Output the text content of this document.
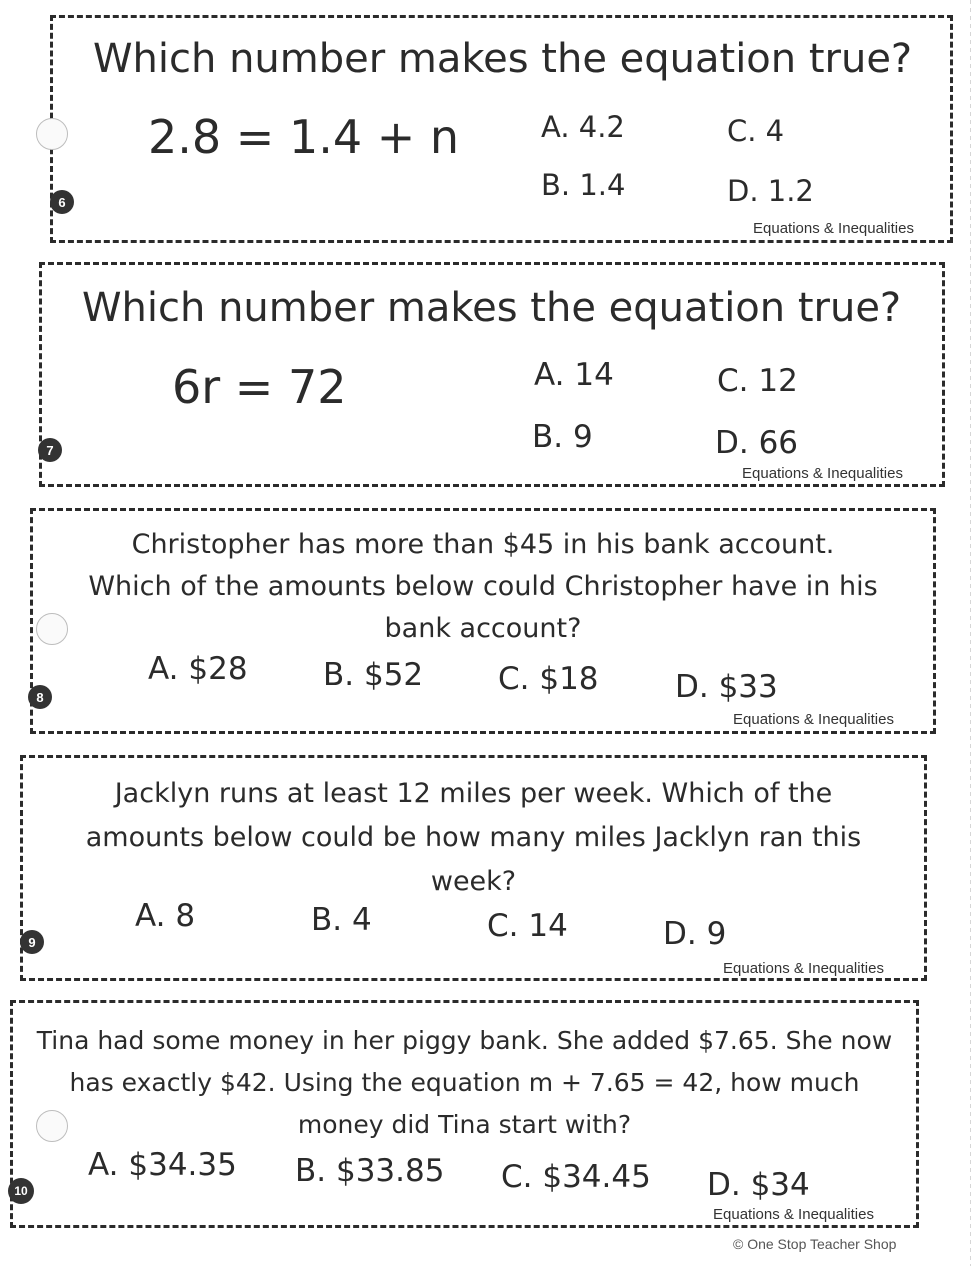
Which number makes the equation true?
2.8 = 1.4 + n	A. 4.2	C. 4
B. 1.4	D. 1.2
Equations & Inequalities
6
Which number makes the equation true?
6r = 72	A. 14	C. 12
B. 9	D. 66
Equations & Inequalities
7
Christopher has more than $45 in his bank account.
Which of the amounts below could Christopher have in his
bank account?
A. $28 B. $52 C. $18 D. $33
Equations & Inequalities
8
Jacklyn runs at least 12 miles per week. Which of the
amounts below could be how many miles Jacklyn ran this
week?
A. 8	B. 4	C. 14	D. 9
Equations & Inequalities
9
Tina had some money in her piggy bank. She added $7.65. She now
has exactly $42. Using the equation m + 7.65 = 42, how much
money did Tina start with?
A. $34.35 B. $33.85 C. $34.45 D. $34
Equations & Inequalities
10
© One Stop Teacher Shop
